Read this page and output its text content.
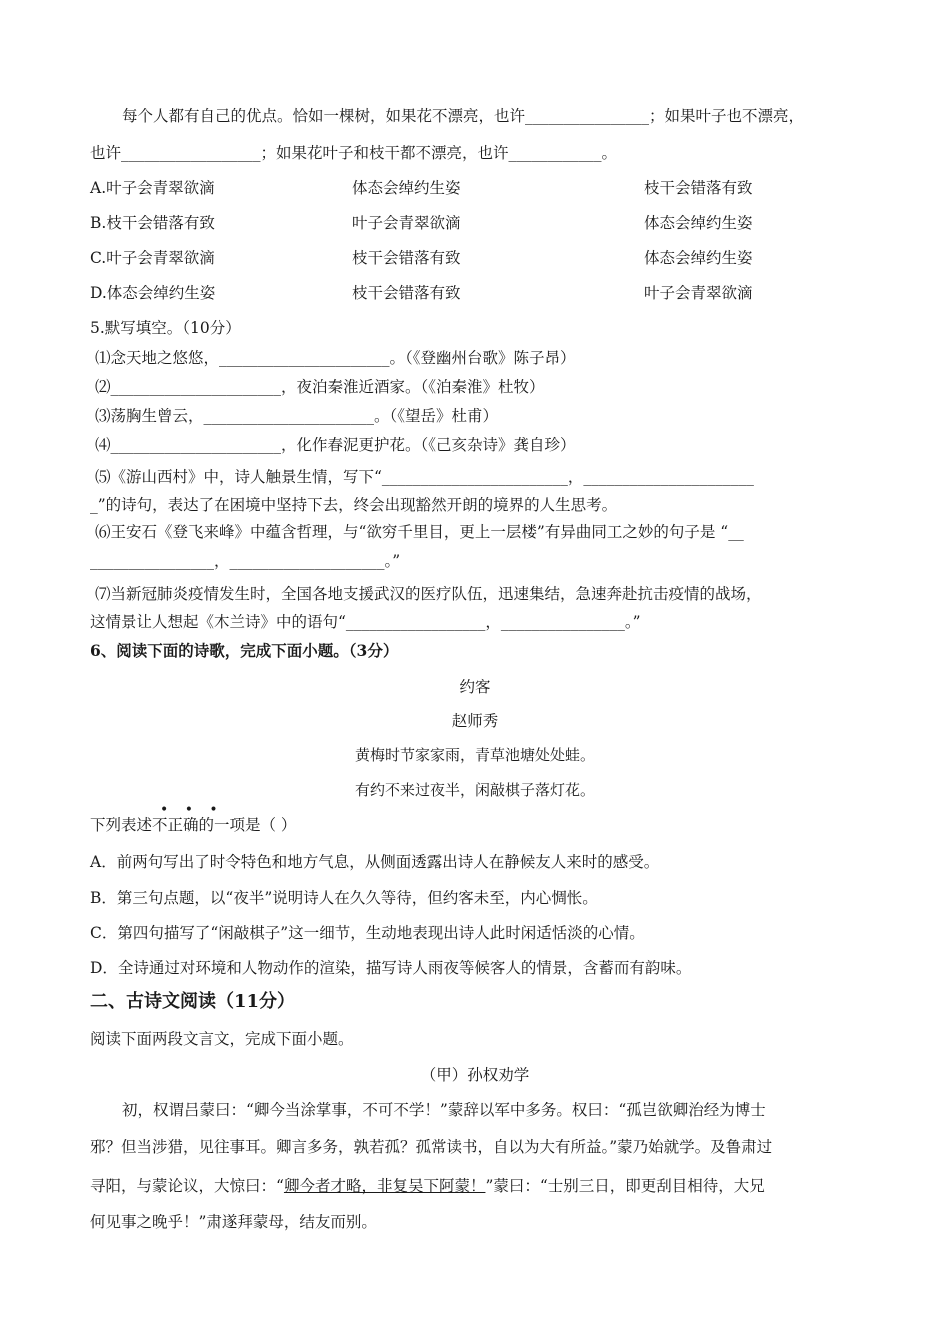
每个人都有自己的优点。恰如一棵树，如果花不漂亮，也许________________；如果叶子也不漂亮，
也许__________________；如果花叶子和枝干都不漂亮，也许____________。
A.叶子会青翠欲滴	体态会绰约生姿	枝干会错落有致
B.枝干会错落有致	叶子会青翠欲滴	体态会绰约生姿
C.叶子会青翠欲滴	枝干会错落有致	体态会绰约生姿
D.体态会绰约生姿	枝干会错落有致	叶子会青翠欲滴
5.默写填空。（10分）
⑴念天地之悠悠，______________________。（《登幽州台歌》陈子昂）
⑵______________________，夜泊秦淮近酒家。（《泊秦淮》杜牧）
⑶荡胸生曾云，______________________。（《望岳》杜甫）
⑷______________________，化作春泥更护花。（《己亥杂诗》龚自珍）
⑸《游山西村》中，诗人触景生情，写下“________________________，______________________
_”的诗句，表达了在困境中坚持下去，终会出现豁然开朗的境界的人生思考。
⑹王安石《登飞来峰》中蕴含哲理，与“欲穷千里目，更上一层楼”有异曲同工之妙的句子是 “__
________________，____________________。”
⑺当新冠肺炎疫情发生时，全国各地支援武汉的医疗队伍，迅速集结，急速奔赴抗击疫情的战场，
这情景让人想起《木兰诗》中的语句“__________________，________________。”
6、阅读下面的诗歌，完成下面小题。（3分）
约客
赵师秀
黄梅时节家家雨，青草池塘处处蛙。
有约不来过夜半，闲敲棋子落灯花。
• • •
下列表述不正确的一项是（ ）
A．前两句写出了时令特色和地方气息，从侧面透露出诗人在静候友人来时的感受。
B．第三句点题，以“夜半”说明诗人在久久等待，但约客未至，内心惆怅。
C．第四句描写了“闲敲棋子”这一细节，生动地表现出诗人此时闲适恬淡的心情。
D．全诗通过对环境和人物动作的渲染，描写诗人雨夜等候客人的情景，含蓄而有韵味。
二、古诗文阅读（11分）
阅读下面两段文言文，完成下面小题。
（甲）孙权劝学
初，权谓吕蒙曰：“卿今当涂掌事，不可不学！”蒙辞以军中多务。权曰：“孤岂欲卿治经为博士
邪？但当涉猎，见往事耳。卿言多务，孰若孤？孤常读书，自以为大有所益。”蒙乃始就学。及鲁肃过
寻阳，与蒙论议，大惊曰：“卿今者才略，非复吴下阿蒙！”蒙曰：“士别三日，即更刮目相待，大兄
何见事之晚乎！”肃遂拜蒙母，结友而别。
